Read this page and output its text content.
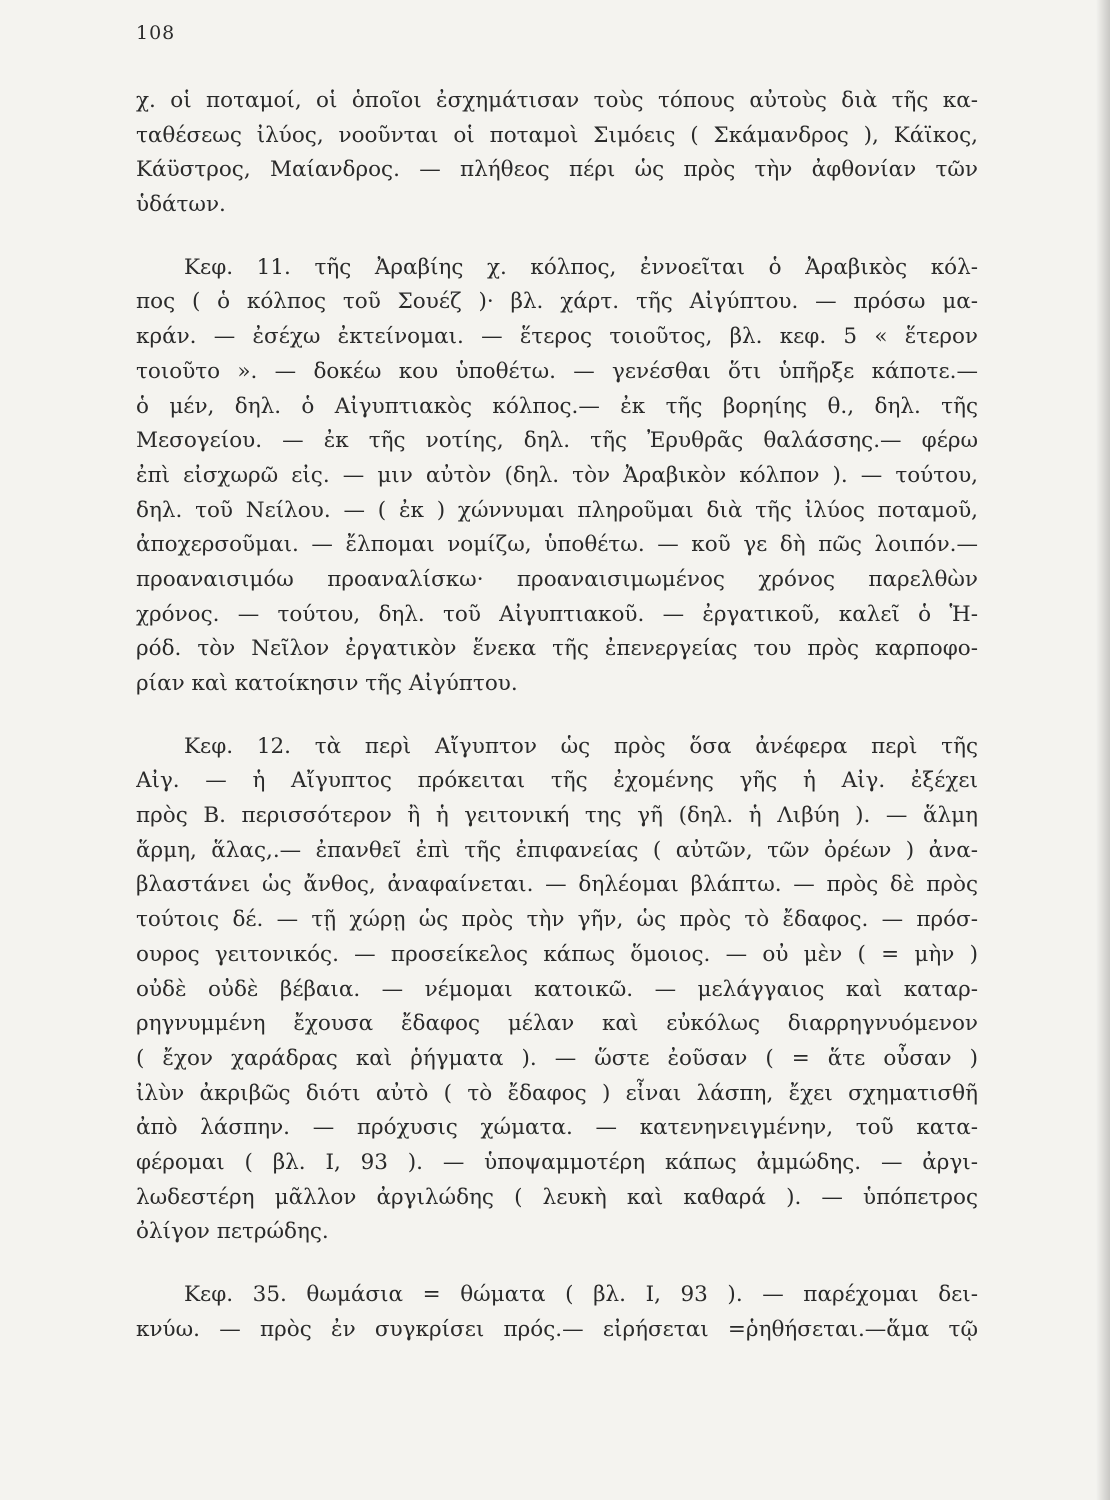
108
χ. οἱ ποταμοί, οἱ ὁποῖοι ἐσχημάτισαν τοὺς τόπους αὐτοὺς διὰ τῆς κα-
ταθέσεως ἰλύος, νοοῦνται οἱ ποταμοὶ Σιμόεις ( Σκάμανδρος ), Κάϊκος,
Κάϋστρος, Μαίανδρος. — πλήθεος πέρι ὡς πρὸς τὴν ἀφθονίαν τῶν
ὑδάτων.
Κεφ. 11. τῆς Ἀραβίης χ. κόλπος, ἐννοεῖται ὁ Ἀραβικὸς κόλ-
πος ( ὁ κόλπος τοῦ Σουέζ )· βλ. χάρτ. τῆς Αἰγύπτου. — πρόσω μα-
κράν. — ἐσέχω ἐκτείνομαι. — ἕτερος τοιοῦτος, βλ. κεφ. 5 « ἕτερον
τοιοῦτο ». — δοκέω κου ὑποθέτω. — γενέσθαι ὅτι ὑπῆρξε κάποτε.—
ὁ μέν, δηλ. ὁ Αἰγυπτιακὸς κόλπος.— ἐκ τῆς βορηίης θ., δηλ. τῆς
Μεσογείου. — ἐκ τῆς νοτίης, δηλ. τῆς Ἐρυθρᾶς θαλάσσης.— φέρω
ἐπὶ εἰσχωρῶ εἰς. — μιν αὐτὸν (δηλ. τὸν Ἀραβικὸν κόλπον ). — τούτου,
δηλ. τοῦ Νείλου. — ( ἐκ ) χώννυμαι πληροῦμαι διὰ τῆς ἰλύος ποταμοῦ,
ἀποχερσοῦμαι. — ἔλπομαι νομίζω, ὑποθέτω. — κοῦ γε δὴ πῶς λοιπόν.—
προαναισιμόω προαναλίσκω· προαναισιμωμένος χρόνος παρελθὼν
χρόνος. — τούτου, δηλ. τοῦ Αἰγυπτιακοῦ. — ἐργατικοῦ, καλεῖ ὁ Ἡ-
ρόδ. τὸν Νεῖλον ἐργατικὸν ἕνεκα τῆς ἐπενεργείας του πρὸς καρποφο-
ρίαν καὶ κατοίκησιν τῆς Αἰγύπτου.
Κεφ. 12. τὰ περὶ Αἴγυπτον ὡς πρὸς ὅσα ἀνέφερα περὶ τῆς
Αἰγ. — ἡ Αἴγυπτος πρόκειται τῆς ἐχομένης γῆς ἡ Αἰγ. ἐξέχει
πρὸς Β. περισσότερον ἢ ἡ γειτονική της γῆ (δηλ. ἡ Λιβύη ). — ἅλμη
ἅρμη, ἅλας,.— ἐπανθεῖ ἐπὶ τῆς ἐπιφανείας ( αὐτῶν, τῶν ὀρέων ) ἀνα-
βλαστάνει ὡς ἄνθος, ἀναφαίνεται. — δηλέομαι βλάπτω. — πρὸς δὲ πρὸς
τούτοις δέ. — τῇ χώρῃ ὡς πρὸς τὴν γῆν, ὡς πρὸς τὸ ἔδαφος. — πρόσ-
ουρος γειτονικός. — προσείκελος κάπως ὅμοιος. — οὐ μὲν ( = μὴν )
οὐδὲ οὐδὲ βέβαια. — νέμομαι κατοικῶ. — μελάγγαιος καὶ καταρ-
ρηγνυμμένη ἔχουσα ἔδαφος μέλαν καὶ εὐκόλως διαρρηγνυόμενον
( ἔχον χαράδρας καὶ ῥήγματα ). — ὥστε ἐοῦσαν ( = ἅτε οὖσαν )
ἰλὺν ἀκριβῶς διότι αὐτὸ ( τὸ ἔδαφος ) εἶναι λάσπη, ἔχει σχηματισθῆ
ἀπὸ λάσπην. — πρόχυσις χώματα. — κατενηνειγμένην, τοῦ κατα-
φέρομαι ( βλ. I, 93 ). — ὑποψαμμοτέρη κάπως ἀμμώδης. — ἀργι-
λωδεστέρη μᾶλλον ἀργιλώδης ( λευκὴ καὶ καθαρά ). — ὑπόπετρος
ὀλίγον πετρώδης.
Κεφ. 35. θωμάσια = θώματα ( βλ. I, 93 ). — παρέχομαι δει-
κνύω. — πρὸς ἐν συγκρίσει πρός.— εἰρήσεται =ῥηθήσεται.—ἅμα τῷ
